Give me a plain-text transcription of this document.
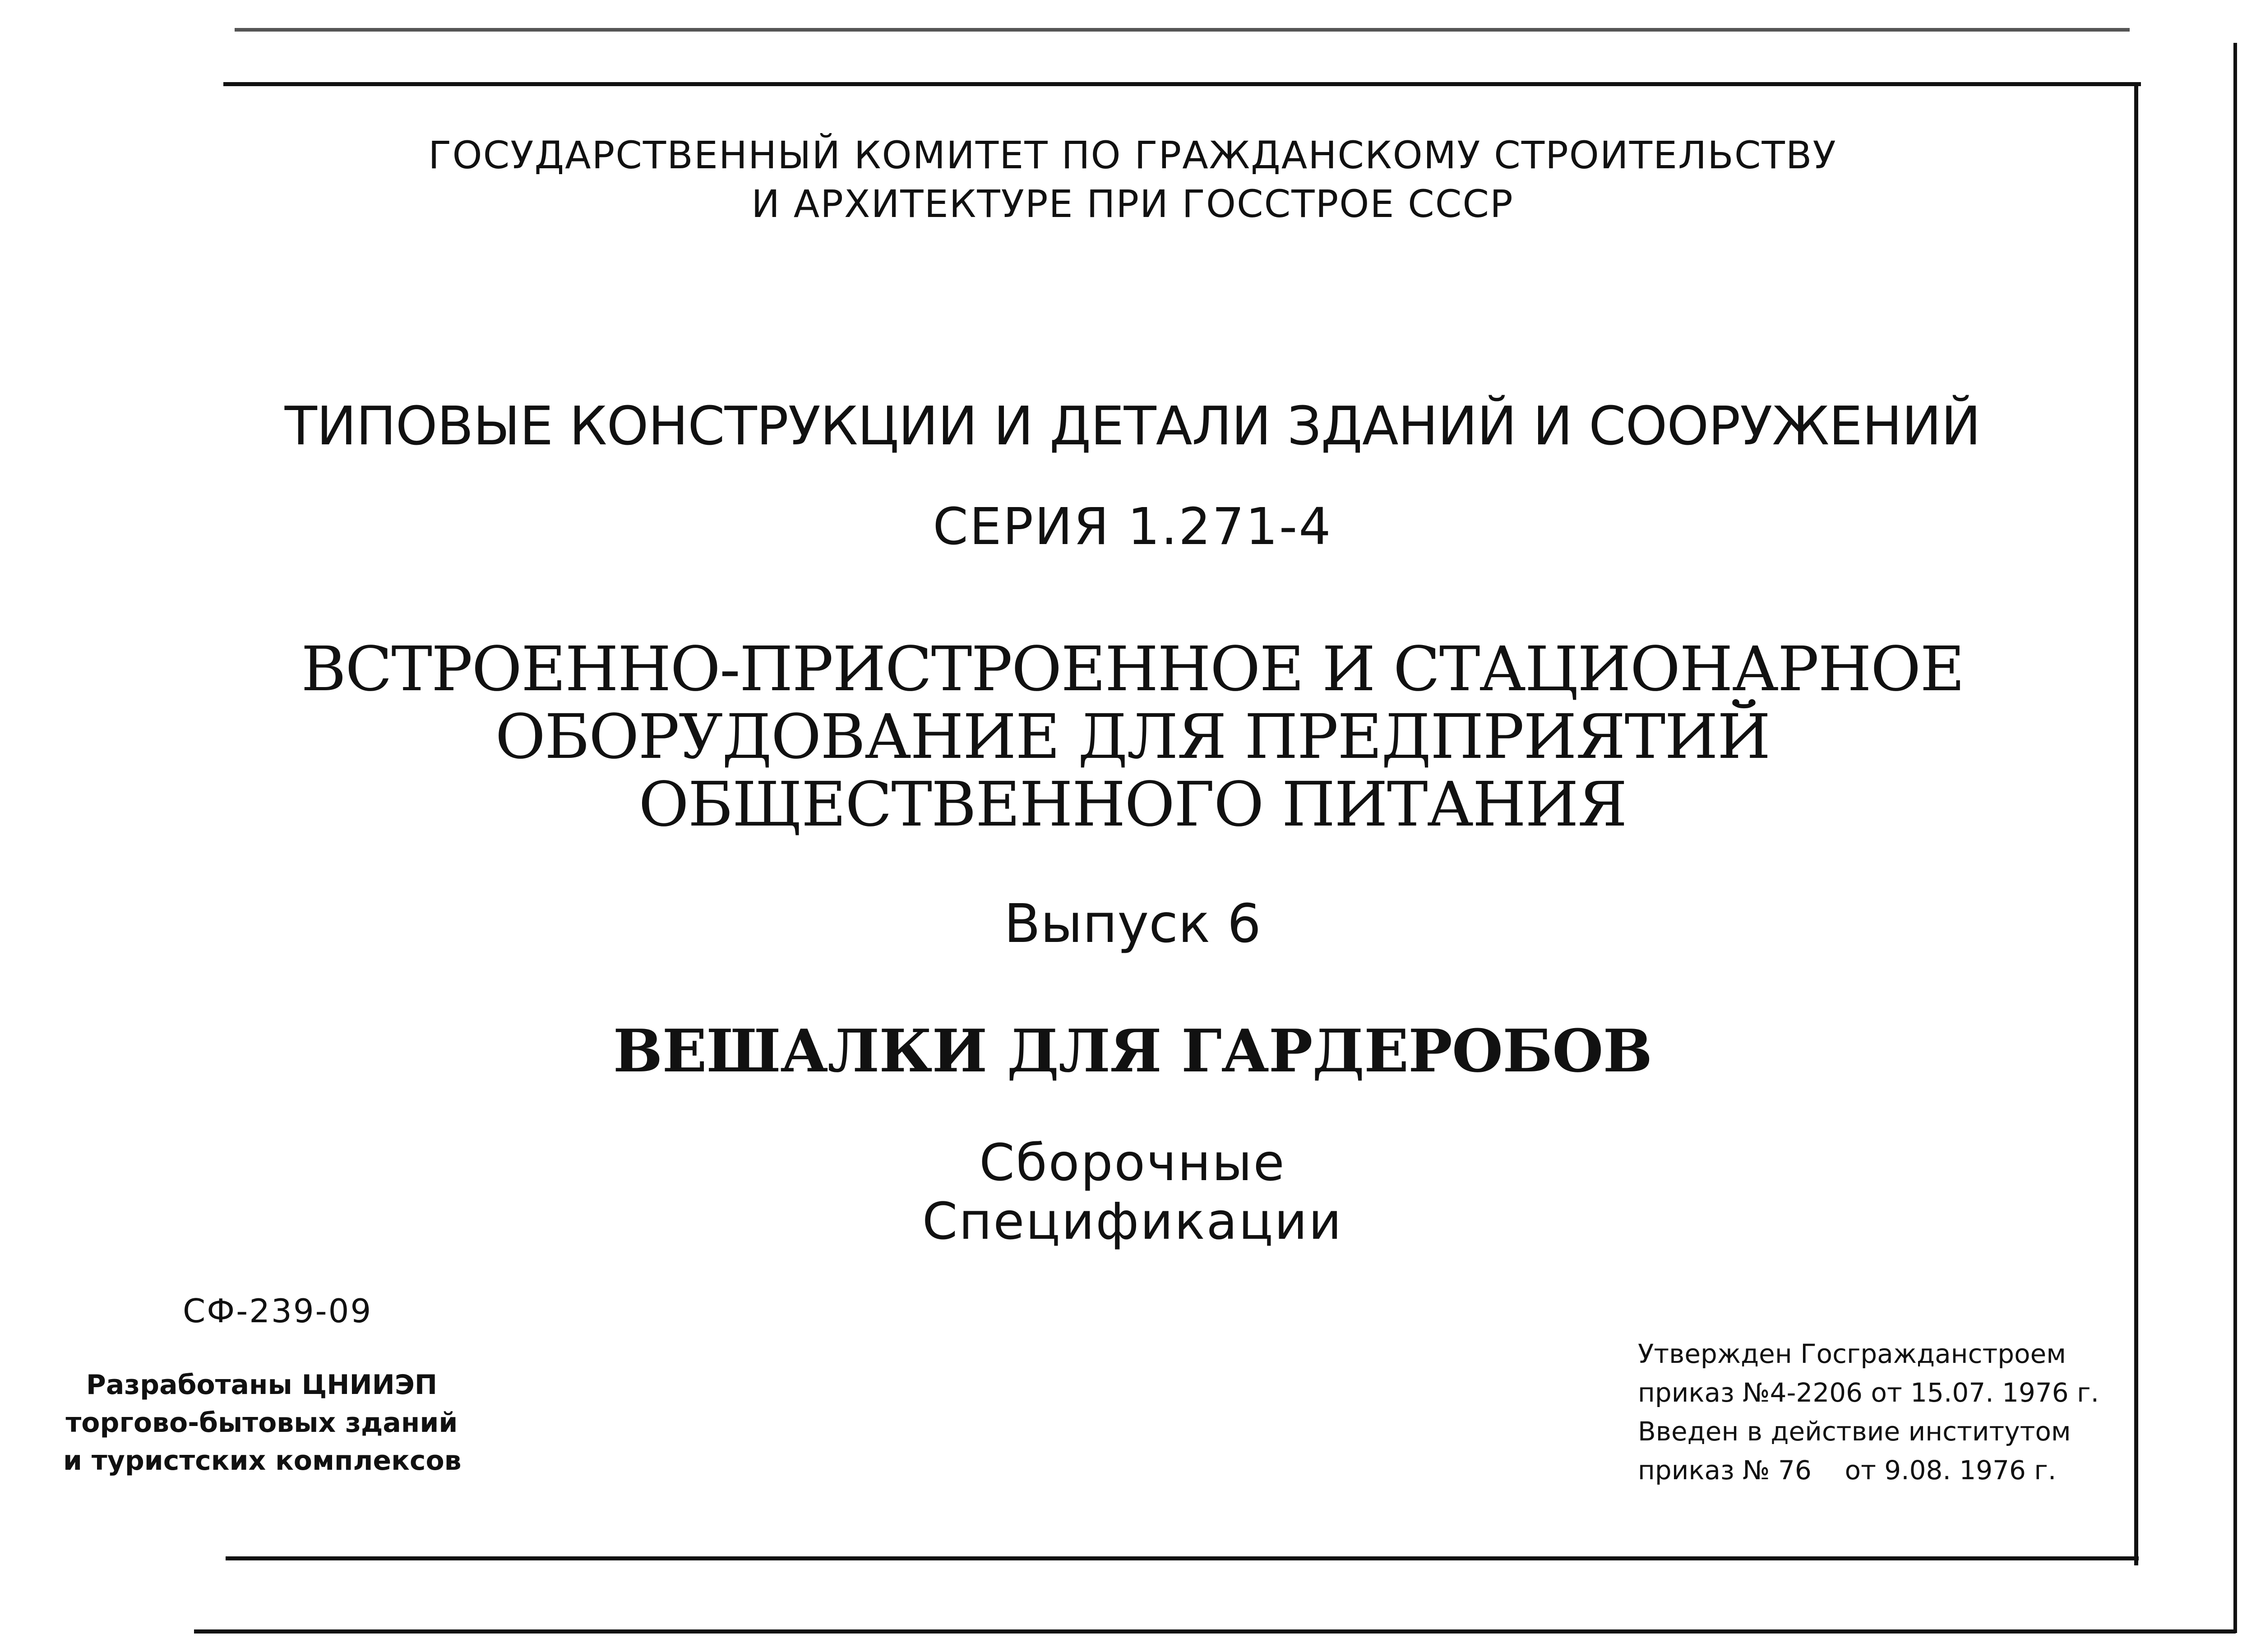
ГОСУДАРСТВЕННЫЙ КОМИТЕТ ПО ГРАЖДАНСКОМУ СТРОИТЕЛЬСТВУ
И АРХИТЕКТУРЕ ПРИ ГОССТРОЕ СССР
ТИПОВЫЕ КОНСТРУКЦИИ И ДЕТАЛИ ЗДАНИЙ И СООРУЖЕНИЙ
СЕРИЯ 1.271-4
ВСТРОЕННО-ПРИСТРОЕННОЕ И СТАЦИОНАРНОЕ
ОБОРУДОВАНИЕ ДЛЯ ПРЕДПРИЯТИЙ
ОБЩЕСТВЕННОГО ПИТАНИЯ
Выпуск 6
ВЕШАЛКИ ДЛЯ ГАРДЕРОБОВ
Сборочные
Спецификации
СФ-239-09
Разработаны ЦНИИЭП
торгово-бытовых зданий
и туристских комплексов
Утвержден Госгражданстроем
приказ №4-2206 от 15.07. 1976 г.
Введен в действие институтом
приказ № 76    от 9.08. 1976 г.
